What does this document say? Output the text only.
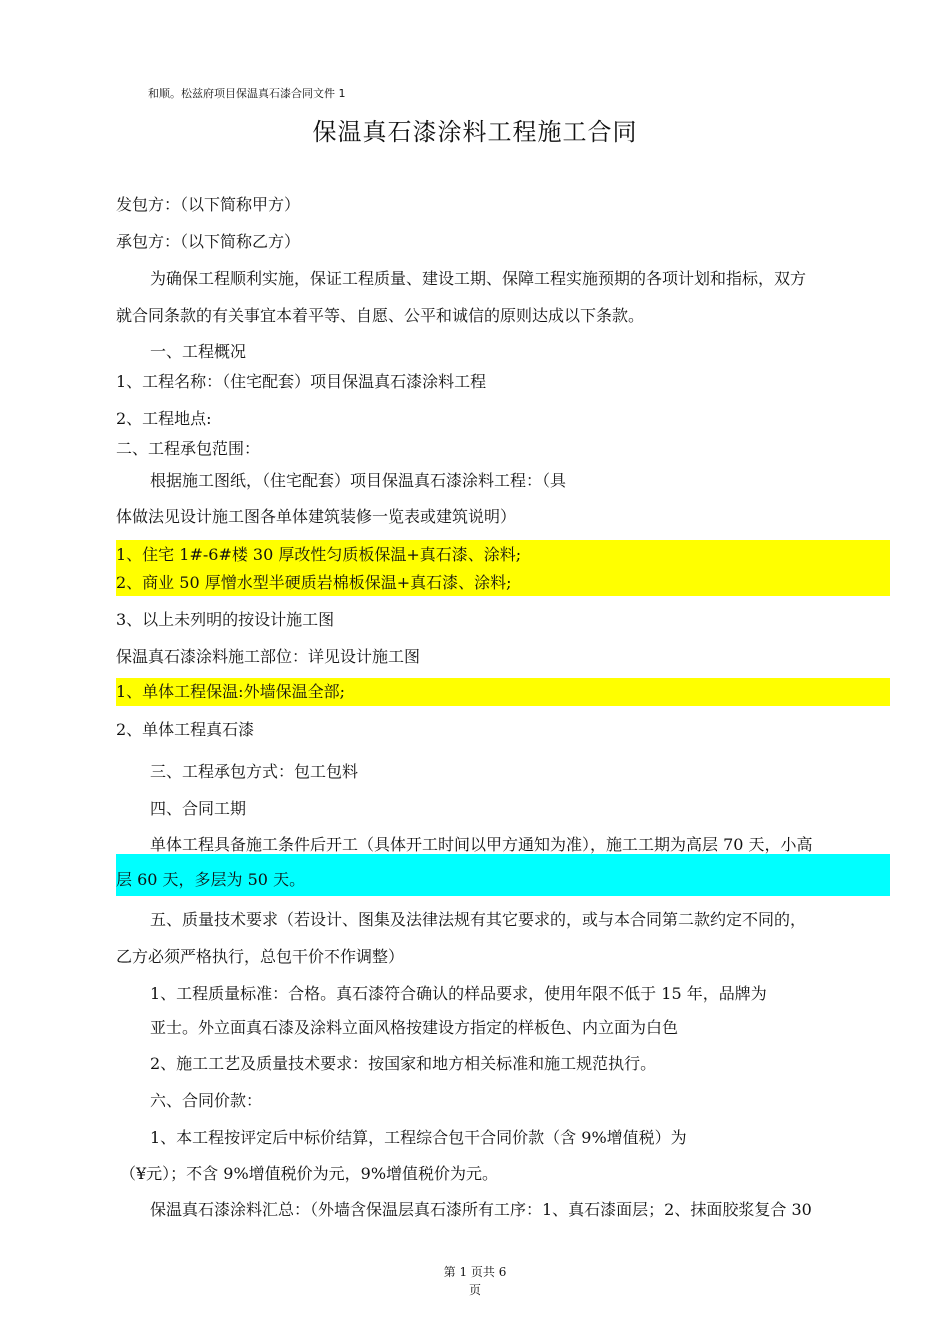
和顺。松兹府项目保温真石漆合同文件 1
保温真石漆涂料工程施工合同
发包方：（以下简称甲方）
承包方：（以下简称乙方）
为确保工程顺利实施，保证工程质量、建设工期、保障工程实施预期的各项计划和指标，双方
就合同条款的有关事宜本着平等、自愿、公平和诚信的原则达成以下条款。
一、工程概况
1、工程名称：（住宅配套）项目保温真石漆涂料工程
2、工程地点:
二、工程承包范围：
根据施工图纸，（住宅配套）项目保温真石漆涂料工程：（具
体做法见设计施工图各单体建筑装修一览表或建筑说明）
1、住宅 1#-6#楼 30 厚改性匀质板保温+真石漆、涂料;
2、商业 50 厚憎水型半硬质岩棉板保温+真石漆、涂料;
3、以上未列明的按设计施工图
保温真石漆涂料施工部位：详见设计施工图
1、单体工程保温:外墙保温全部;
2、单体工程真石漆
三、工程承包方式：包工包料
四、合同工期
单体工程具备施工条件后开工（具体开工时间以甲方通知为准），施工工期为高层 70 天，小高
层 60 天，多层为 50 天。
五、质量技术要求（若设计、图集及法律法规有其它要求的，或与本合同第二款约定不同的，
乙方必须严格执行，总包干价不作调整）
1、工程质量标准：合格。真石漆符合确认的样品要求，使用年限不低于 15 年，品牌为
亚士。外立面真石漆及涂料立面风格按建设方指定的样板色、内立面为白色
2、施工工艺及质量技术要求：按国家和地方相关标准和施工规范执行。
六、合同价款：
1、本工程按评定后中标价结算，工程综合包干合同价款（含 9%增值税）为
（¥元）；不含 9%增值税价为元，9%增值税价为元。
保温真石漆涂料汇总：（外墙含保温层真石漆所有工序：1、真石漆面层；2、抹面胶浆复合 30
第 1 页共 6
页
